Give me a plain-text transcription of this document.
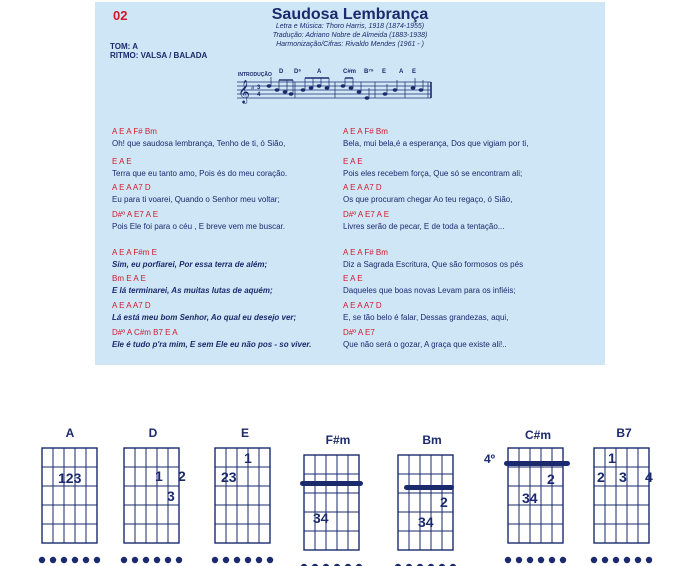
02	Saudosa Lembrança
Letra e Música: Thoro Harris, 1918 (1874-1955)
Tradução: Adriano Nobre de Almeida (1883-1938)
Harmonização/Cifras: Rivaldo Mendes (1961 - )
TOM: A
RITMO: VALSA / BALADA
INTRODUÇÃO D D⁶	A	C#m B⁷⁹ E A E
𝄞 # 3
4
A E A F# Bm
Oh! que saudosa lembrança, Tenho de ti, ó Sião,
E A E
Terra que eu tanto amo, Pois és do meu coração.
A E A A7 D
Eu para ti voarei, Quando o Senhor meu voltar;
D#º A E7 A E
Pois Ele foi para o céu , E breve vem me buscar.
A E A F#m E
Sim, eu porfiarei, Por essa terra de além;
Bm E A E
E lá terminarei, As muitas lutas de aquém;
A E A A7 D
Lá está meu bom Senhor, Ao qual eu desejo ver;
D#º A C#m B7 E A
Ele é tudo p'ra mim, E sem Ele eu não pos - so viver.
A E A F# Bm
Bela, mui bela,é a esperança, Dos que vigiam por ti,
E A E
Pois eles recebem força, Que só se encontram ali;
A E A A7 D
Os que procuram chegar Ao teu regaço, ó Sião,
D#º A E7 A E
Livres serão de pecar, E de toda a tentação...
A E A F# Bm
Diz a Sagrada Escritura, Que são formosos os pés
E A E
Daqueles que boas novas Levam para os infiéis;
A E A A7 D
E, se tão belo é falar, Dessas grandezas, aqui,
D#º A E7
Que não será o gozar, A graça que existe ali!..
A	D	E	F#m	Bm	C#m	B7
4º
123	1 2
3
1
23
34
2
34
2
34
1
2 3 4
